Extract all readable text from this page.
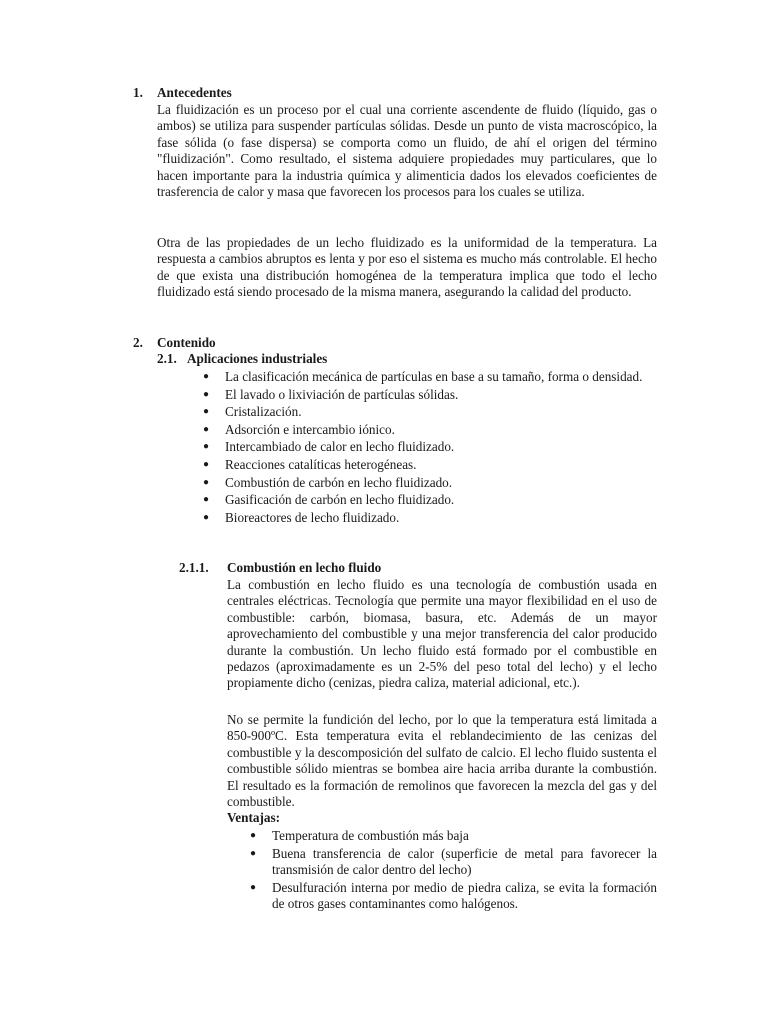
1. Antecedentes

La fluidización es un proceso por el cual una corriente ascendente de fluido (líquido, gas o ambos) se utiliza para suspender partículas sólidas. Desde un punto de vista macroscópico, la fase sólida (o fase dispersa) se comporta como un fluido, de ahí el origen del término "fluidización". Como resultado, el sistema adquiere propiedades muy particulares, que lo hacen importante para la industria química y alimenticia dados los elevados coeficientes de trasferencia de calor y masa que favorecen los procesos para los cuales se utiliza.

Otra de las propiedades de un lecho fluidizado es la uniformidad de la temperatura. La respuesta a cambios abruptos es lenta y por eso el sistema es mucho más controlable. El hecho de que exista una distribución homogénea de la temperatura implica que todo el lecho fluidizado está siendo procesado de la misma manera, asegurando la calidad del producto.

2. Contenido
2.1. Aplicaciones industriales
● La clasificación mecánica de partículas en base a su tamaño, forma o densidad.
● El lavado o lixiviación de partículas sólidas.
● Cristalización.
● Adsorción e intercambio iónico.
● Intercambiado de calor en lecho fluidizado.
● Reacciones catalíticas heterogéneas.
● Combustión de carbón en lecho fluidizado.
● Gasificación de carbón en lecho fluidizado.
● Bioreactores de lecho fluidizado.
2.1.1. Combustión en lecho fluido

La combustión en lecho fluido es una tecnología de combustión usada en centrales eléctricas. Tecnología que permite una mayor flexibilidad en el uso de combustible: carbón, biomasa, basura, etc. Además de un mayor aprovechamiento del combustible y una mejor transferencia del calor producido durante la combustión. Un lecho fluido está formado por el combustible en pedazos (aproximadamente es un 2-5% del peso total del lecho) y el lecho propiamente dicho (cenizas, piedra caliza, material adicional, etc.).

No se permite la fundición del lecho, por lo que la temperatura está limitada a 850-900ºC. Esta temperatura evita el reblandecimiento de las cenizas del combustible y la descomposición del sulfato de calcio. El lecho fluido sustenta el combustible sólido mientras se bombea aire hacia arriba durante la combustión. El resultado es la formación de remolinos que favorecen la mezcla del gas y del combustible.

Ventajas:
● Temperatura de combustión más baja
● Buena transferencia de calor (superficie de metal para favorecer la transmisión de calor dentro del lecho)
● Desulfuración interna por medio de piedra caliza, se evita la formación de otros gases contaminantes como halógenos.
